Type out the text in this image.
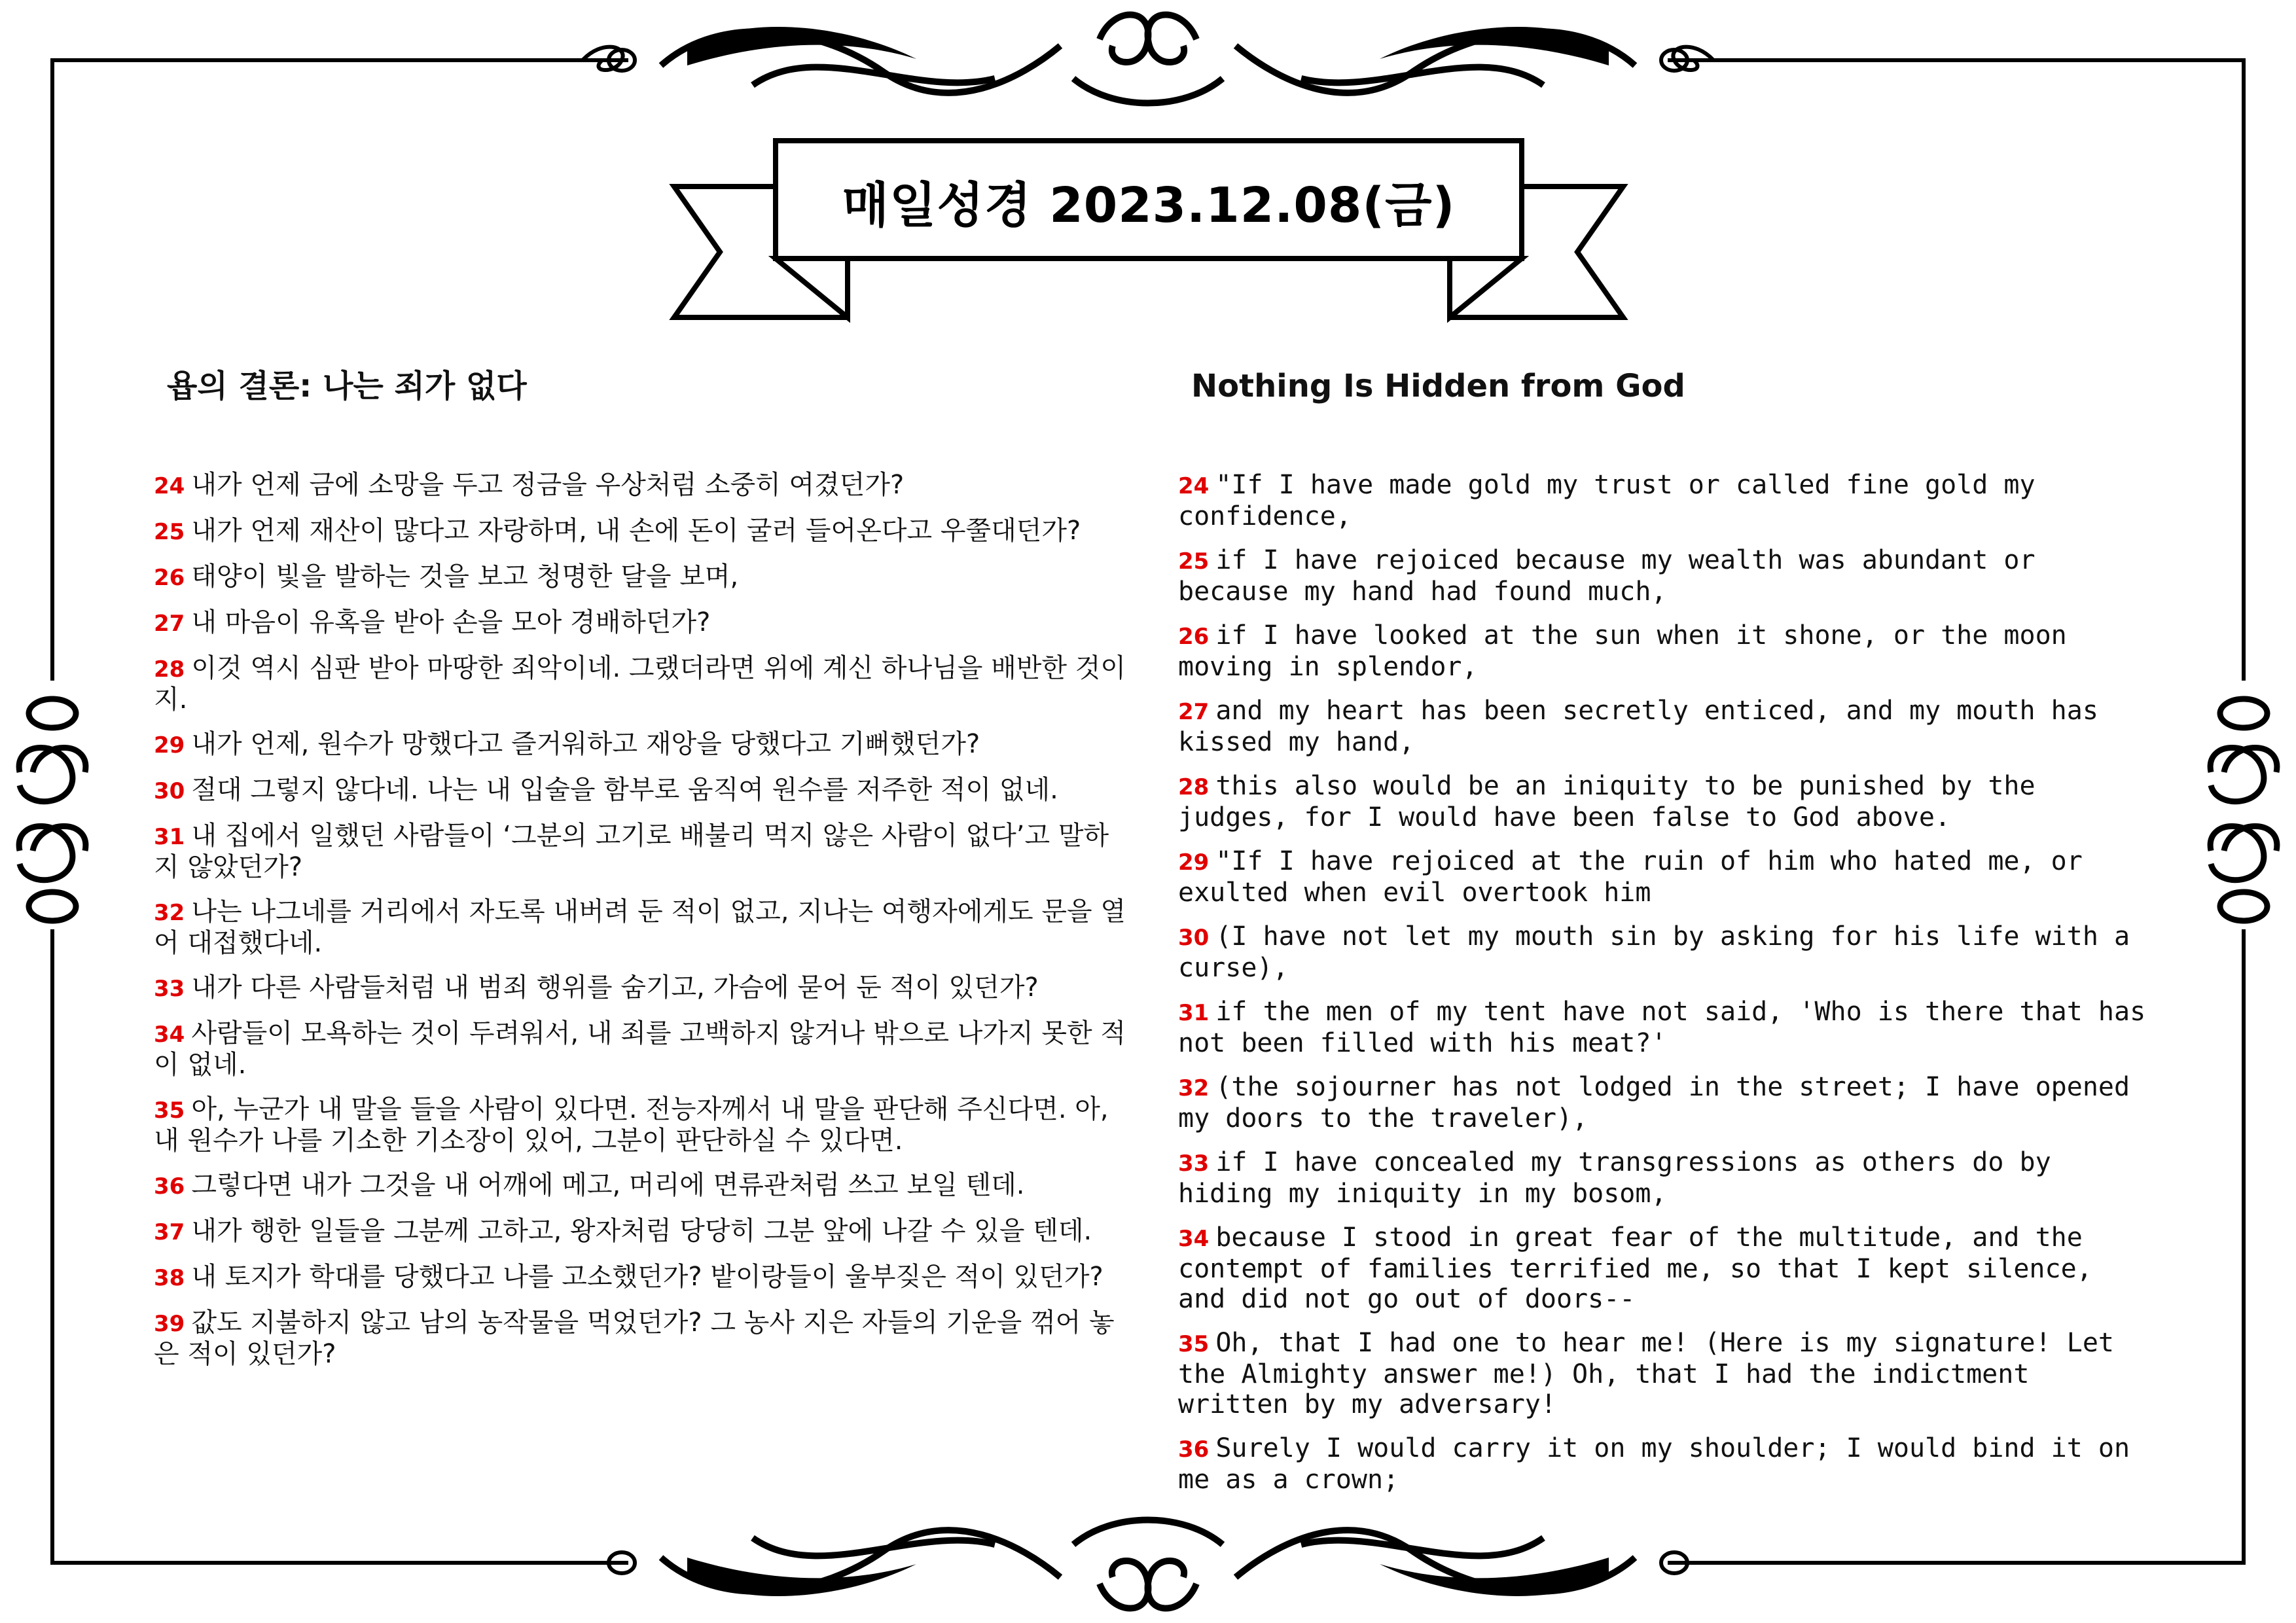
매일성경 2023.12.08(금)
욥의 결론: 나는 죄가 없다
24 내가 언제 금에 소망을 두고 정금을 우상처럼 소중히 여겼던가?
25 내가 언제 재산이 많다고 자랑하며, 내 손에 돈이 굴러 들어온다고 우쭐대던가?
26 태양이 빛을 발하는 것을 보고 청명한 달을 보며,
27 내 마음이 유혹을 받아 손을 모아 경배하던가?
28 이것 역시 심판 받아 마땅한 죄악이네. 그랬더라면 위에 계신 하나님을 배반한 것이지.
29 내가 언제, 원수가 망했다고 즐거워하고 재앙을 당했다고 기뻐했던가?
30 절대 그렇지 않다네. 나는 내 입술을 함부로 움직여 원수를 저주한 적이 없네.
31 내 집에서 일했던 사람들이 ‘그분의 고기로 배불리 먹지 않은 사람이 없다’고 말하지 않았던가?
32 나는 나그네를 거리에서 자도록 내버려 둔 적이 없고, 지나는 여행자에게도 문을 열어 대접했다네.
33 내가 다른 사람들처럼 내 범죄 행위를 숨기고, 가슴에 묻어 둔 적이 있던가?
34 사람들이 모욕하는 것이 두려워서, 내 죄를 고백하지 않거나 밖으로 나가지 못한 적이 없네.
35 아, 누군가 내 말을 들을 사람이 있다면. 전능자께서 내 말을 판단해 주신다면. 아, 내 원수가 나를 기소한 기소장이 있어, 그분이 판단하실 수 있다면.
36 그렇다면 내가 그것을 내 어깨에 메고, 머리에 면류관처럼 쓰고 보일 텐데.
37 내가 행한 일들을 그분께 고하고, 왕자처럼 당당히 그분 앞에 나갈 수 있을 텐데.
38 내 토지가 학대를 당했다고 나를 고소했던가? 밭이랑들이 울부짖은 적이 있던가?
39 값도 지불하지 않고 남의 농작물을 먹었던가? 그 농사 지은 자들의 기운을 꺾어 놓은 적이 있던가?
Nothing Is Hidden from God
24 "If I have made gold my trust or called fine gold my confidence,
25 if I have rejoiced because my wealth was abundant or because my hand had found much,
26 if I have looked at the sun when it shone, or the moon moving in splendor,
27 and my heart has been secretly enticed, and my mouth has kissed my hand,
28 this also would be an iniquity to be punished by the judges, for I would have been false to God above.
29 "If I have rejoiced at the ruin of him who hated me, or exulted when evil overtook him
30 (I have not let my mouth sin by asking for his life with a curse),
31 if the men of my tent have not said, 'Who is there that has not been filled with his meat?'
32 (the sojourner has not lodged in the street; I have opened my doors to the traveler),
33 if I have concealed my transgressions as others do by hiding my iniquity in my bosom,
34 because I stood in great fear of the multitude, and the contempt of families terrified me, so that I kept silence, and did not go out of doors--
35 Oh, that I had one to hear me! (Here is my signature! Let the Almighty answer me!) Oh, that I had the indictment written by my adversary!
36 Surely I would carry it on my shoulder; I would bind it on me as a crown;
